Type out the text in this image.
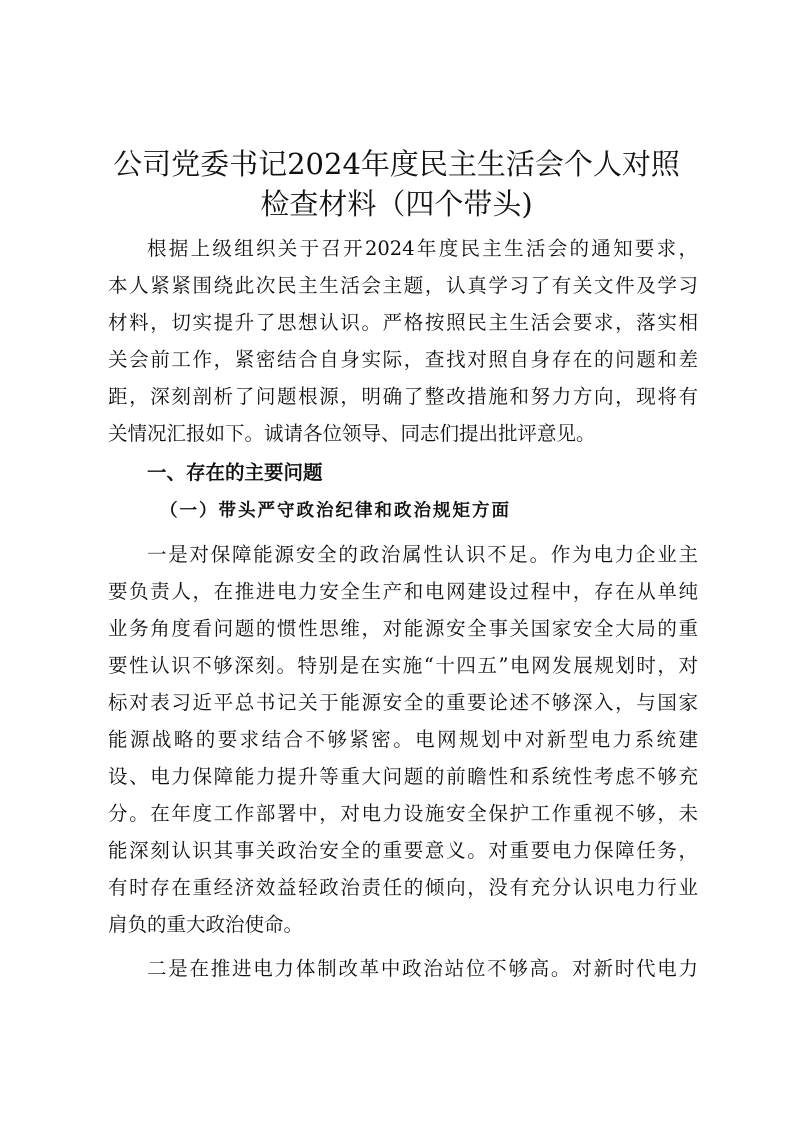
公司党委书记2024年度民主生活会个人对照
检查材料（四个带头)
根据上级组织关于召开2024年度民主生活会的通知要求，
本人紧紧围绕此次民主生活会主题，认真学习了有关文件及学习
材料，切实提升了思想认识。严格按照民主生活会要求，落实相
关会前工作，紧密结合自身实际，查找对照自身存在的问题和差
距，深刻剖析了问题根源，明确了整改措施和努力方向，现将有
关情况汇报如下。诚请各位领导、同志们提出批评意见。
一、存在的主要问题
（一）带头严守政治纪律和政治规矩方面
一是对保障能源安全的政治属性认识不足。作为电力企业主
要负责人，在推进电力安全生产和电网建设过程中，存在从单纯
业务角度看问题的惯性思维，对能源安全事关国家安全大局的重
要性认识不够深刻。特别是在实施“十四五”电网发展规划时，对
标对表习近平总书记关于能源安全的重要论述不够深入，与国家
能源战略的要求结合不够紧密。电网规划中对新型电力系统建
设、电力保障能力提升等重大问题的前瞻性和系统性考虑不够充
分。在年度工作部署中，对电力设施安全保护工作重视不够，未
能深刻认识其事关政治安全的重要意义。对重要电力保障任务，
有时存在重经济效益轻政治责任的倾向，没有充分认识电力行业
肩负的重大政治使命。
二是在推进电力体制改革中政治站位不够高。对新时代电力
